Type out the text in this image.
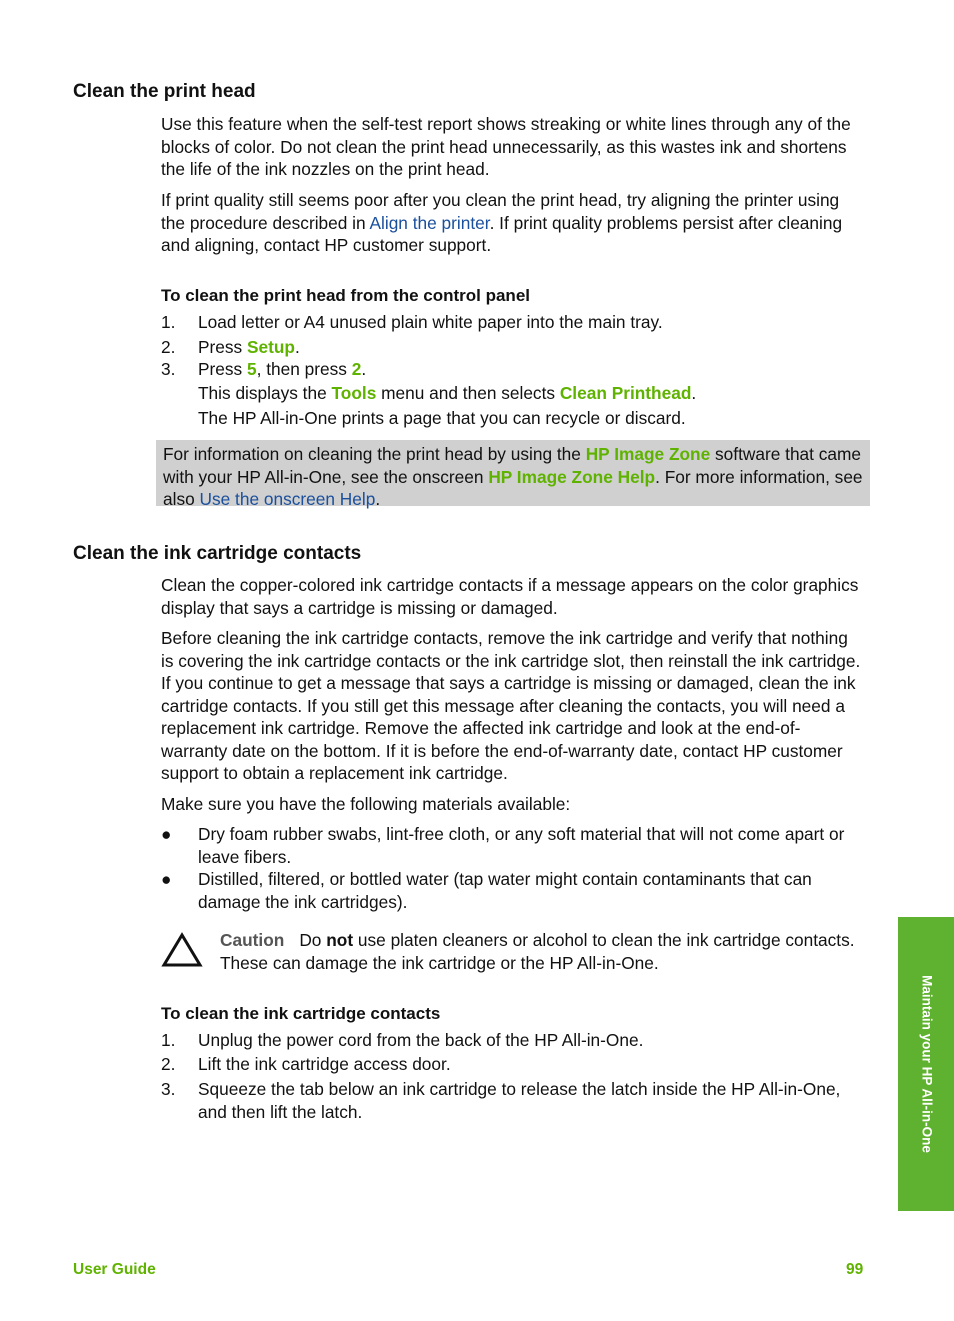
Clean the print head
Use this feature when the self-test report shows streaking or white lines through any of the blocks of color. Do not clean the print head unnecessarily, as this wastes ink and shortens the life of the ink nozzles on the print head.
If print quality still seems poor after you clean the print head, try aligning the printer using the procedure described in Align the printer. If print quality problems persist after cleaning and aligning, contact HP customer support.
To clean the print head from the control panel
1.	Load letter or A4 unused plain white paper into the main tray.
2.	Press Setup.
3.	Press 5, then press 2.
This displays the Tools menu and then selects Clean Printhead.
The HP All-in-One prints a page that you can recycle or discard.
For information on cleaning the print head by using the HP Image Zone software that came with your HP All-in-One, see the onscreen HP Image Zone Help. For more information, see also Use the onscreen Help.
Clean the ink cartridge contacts
Clean the copper-colored ink cartridge contacts if a message appears on the color graphics display that says a cartridge is missing or damaged.
Before cleaning the ink cartridge contacts, remove the ink cartridge and verify that nothing is covering the ink cartridge contacts or the ink cartridge slot, then reinstall the ink cartridge. If you continue to get a message that says a cartridge is missing or damaged, clean the ink cartridge contacts. If you still get this message after cleaning the contacts, you will need a replacement ink cartridge. Remove the affected ink cartridge and look at the end-of-warranty date on the bottom. If it is before the end-of-warranty date, contact HP customer support to obtain a replacement ink cartridge.
Make sure you have the following materials available:
● Dry foam rubber swabs, lint-free cloth, or any soft material that will not come apart or leave fibers.
● Distilled, filtered, or bottled water (tap water might contain contaminants that can damage the ink cartridges).
Caution Do not use platen cleaners or alcohol to clean the ink cartridge contacts. These can damage the ink cartridge or the HP All-in-One.
To clean the ink cartridge contacts
1.	Unplug the power cord from the back of the HP All-in-One.
2.	Lift the ink cartridge access door.
3.	Squeeze the tab below an ink cartridge to release the latch inside the HP All-in-One, and then lift the latch.	Maintain your HP All-in-One
User Guide	99
